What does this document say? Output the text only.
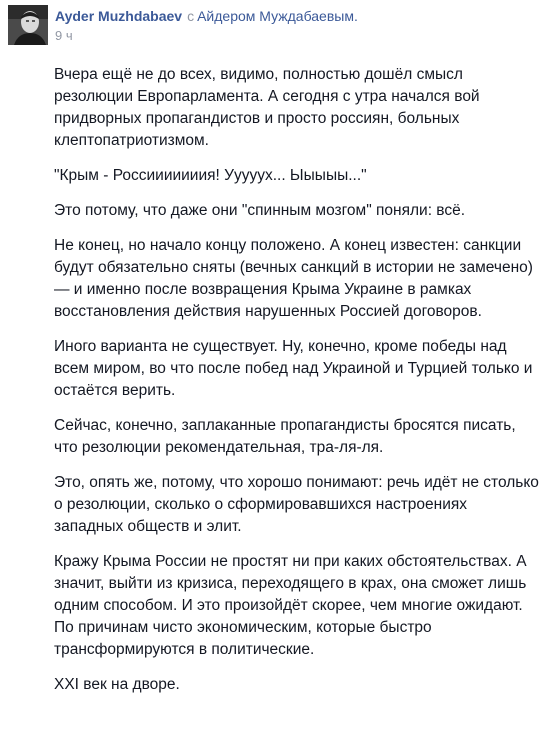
Ayder Muzhdabaev с Айдером Муждабаевым.
9 ч

Вчера ещё не до всех, видимо, полностью дошёл смысл резолюции Европарламента. А сегодня с утра начался вой придворных пропагандистов и просто россиян, больных клептопатриотизмом.

"Крым - Россииииииия! Ууууух... Ыыыыы..."

Это потому, что даже они "спинным мозгом" поняли: всё.

Не конец, но начало концу положено. А конец известен: санкции будут обязательно сняты (вечных санкций в истории не замечено) — и именно после возвращения Крыма Украине в рамках восстановления действия нарушенных Россией договоров.

Иного варианта не существует. Ну, конечно, кроме победы над всем миром, во что после побед над Украиной и Турцией только и остаётся верить.

Сейчас, конечно, заплаканные пропагандисты бросятся писать, что резолюции рекомендательная, тра-ля-ля.

Это, опять же, потому, что хорошо понимают: речь идёт не столько о резолюции, сколько о сформировавшихся настроениях западных обществ и элит.

Кражу Крыма России не простят ни при каких обстоятельствах. А значит, выйти из кризиса, переходящего в крах, она сможет лишь одним способом. И это произойдёт скорее, чем многие ожидают. По причинам чисто экономическим, которые быстро трансформируются в политические.

XXI век на дворе.
